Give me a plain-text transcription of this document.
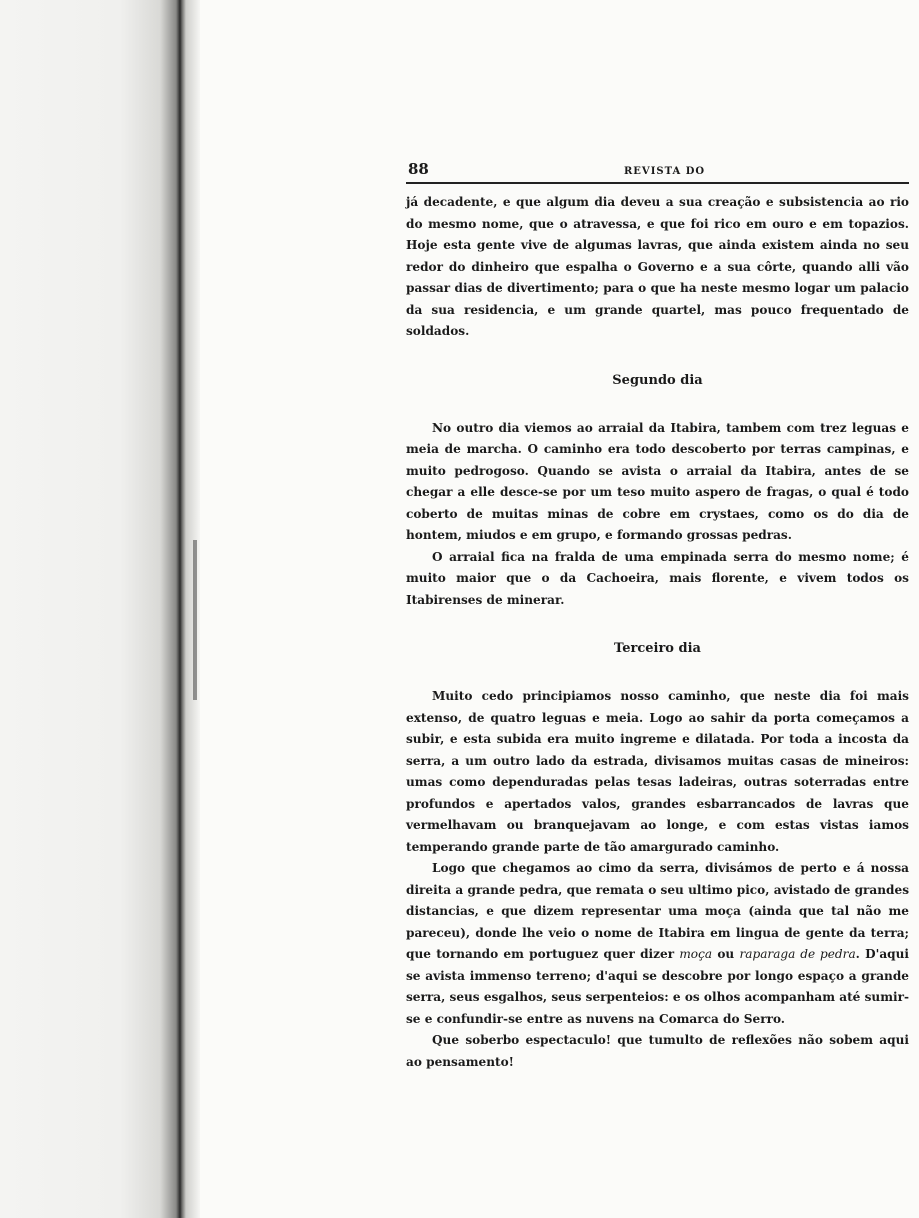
88	REVISTA DO

já decadente, e que algum dia deveu a sua creação e subsistencia ao rio do mesmo nome, que o atravessa, e que foi rico em ouro e em topazios. Hoje esta gente vive de algumas lavras, que ainda existem ainda no seu redor do dinheiro que espalha o Governo e a sua côrte, quando alli vão passar dias de divertimento; para o que ha neste mesmo logar um palacio da sua residencia, e um grande quartel, mas pouco frequentado de soldados.

Segundo dia

No outro dia viemos ao arraial da Itabira, tambem com trez leguas e meia de marcha. O caminho era todo descoberto por terras campinas, e muito pedrogoso. Quando se avista o arraial da Itabira, antes de se chegar a elle desce-se por um teso muito aspero de fragas, o qual é todo coberto de muitas minas de cobre em crystaes, como os do dia de hontem, miudos e em grupo, e formando grossas pedras.

O arraial fica na fralda de uma empinada serra do mesmo nome; é muito maior que o da Cachoeira, mais florente, e vivem todos os Itabirenses de minerar.

Terceiro dia

Muito cedo principiamos nosso caminho, que neste dia foi mais extenso, de quatro leguas e meia. Logo ao sahir da porta começamos a subir, e esta subida era muito ingreme e dilatada. Por toda a incosta da serra, a um outro lado da estrada, divisamos muitas casas de mineiros: umas como dependuradas pelas tesas ladeiras, outras soterradas entre profundos e apertados valos, grandes esbarrancados de lavras que vermelhavam ou branquejavam ao longe, e com estas vistas iamos temperando grande parte de tão amargurado caminho.

Logo que chegamos ao cimo da serra, divisámos de perto e á nossa direita a grande pedra, que remata o seu ultimo pico, avistado de grandes distancias, e que dizem representar uma moça (ainda que tal não me pareceu), donde lhe veio o nome de Itabira em lingua de gente da terra; que tornando em portuguez quer dizer moça ou raparaga de pedra. D'aqui se avista immenso terreno; d'aqui se descobre por longo espaço a grande serra, seus esgalhos, seus serpenteios: e os olhos acompanham até sumir-se e confundir-se entre as nuvens na Comarca do Serro.

Que soberbo espectaculo! que tumulto de reflexões não sobem aqui ao pensamento!
